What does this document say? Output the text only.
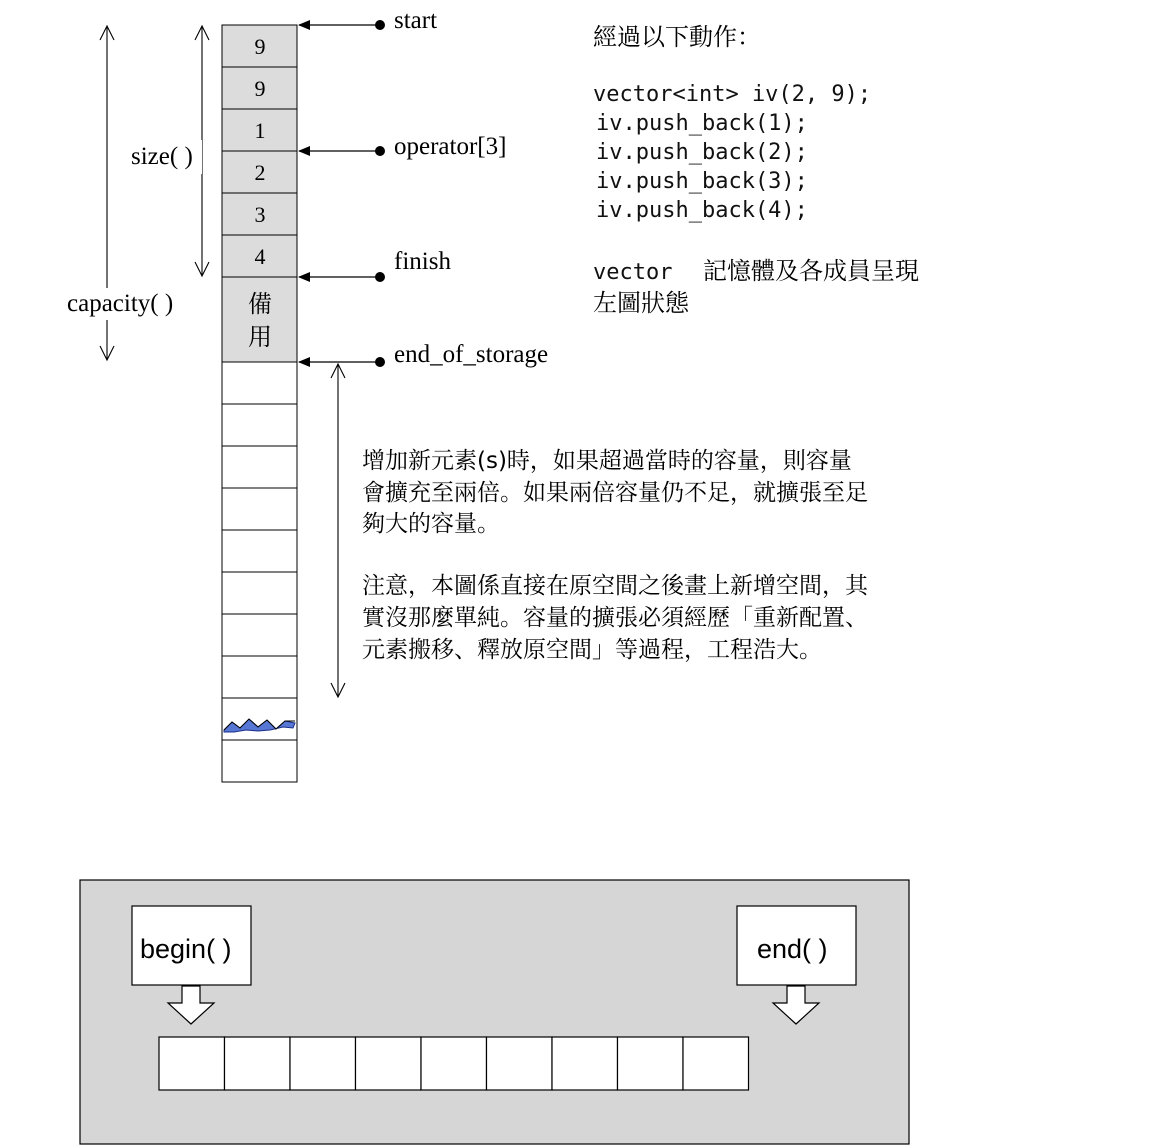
9
9
1
2
3
4
備
用
start
operator[3]
finish
end_of_storage
size( )
capacity( )
經過以下動作：
vector<int> iv(2, 9);
iv.push_back(1);
iv.push_back(2);
iv.push_back(3);
iv.push_back(4);
vector 記憶體及各成員呈現
左圖狀態
增加新元素(s)時，如果超過當時的容量，則容量
會擴充至兩倍。如果兩倍容量仍不足，就擴張至足
夠大的容量。
注意，本圖係直接在原空間之後畫上新增空間，其
實沒那麼單純。容量的擴張必須經歷「重新配置、
元素搬移、釋放原空間」等過程，工程浩大。
begin( )	end( )
